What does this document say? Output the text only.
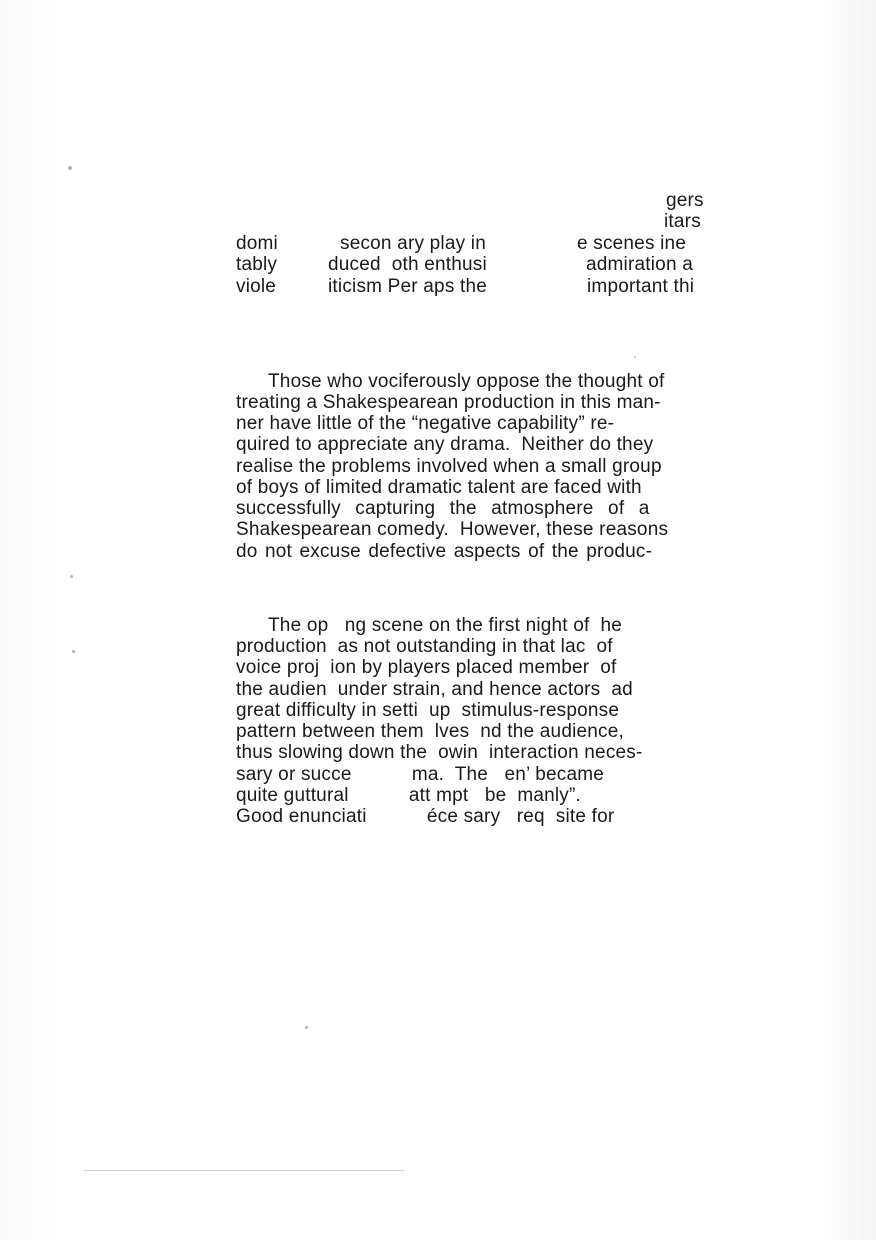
gers
itars

domi

	secon ary play in

	e scenes ine

tably

	duced  oth enthusi

	admiration a

viole

	iticism Per aps the

	important thi

Those who vociferously oppose the thought of
treating a Shakespearean production in this man-
ner have little of the “negative capability” re-
quired to appreciate any drama.  Neither do they
realise the problems involved when a small group
of boys of limited dramatic talent are faced with
successfully capturing the atmosphere of a
Shakespearean comedy.  However, these reasons
do not excuse defective aspects of the produc-
The op   ng scene on the first night of  he
production  as not outstanding in that lac  of
voice proj  ion by players placed member  of
the audien  under strain, and hence actors  ad
great difficulty in setti  up  stimulus-response
pattern between them  lves  nd the audience,
thus slowing down the  owin  interaction neces-
sary or succe           ma.  The   en’ became
quite guttural           att mpt   be  manly”.
Good enunciati           éce sary   req  site for
